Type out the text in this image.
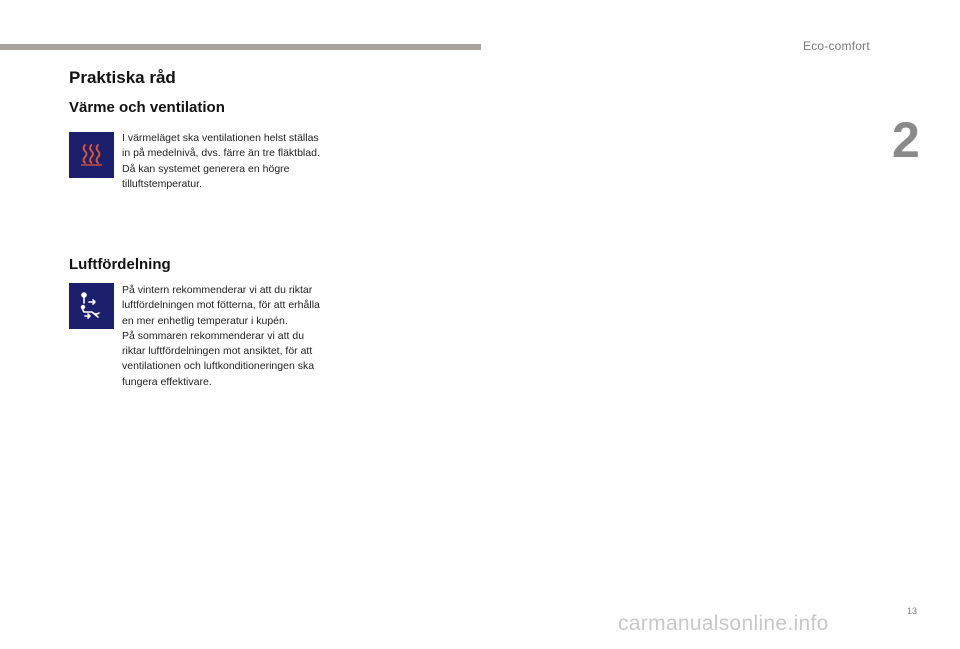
Eco-comfort
2
Praktiska råd
Värme och ventilation

I värmeläget ska ventilationen helst ställas in på medelnivå, dvs. färre än tre fläktblad. Då kan systemet generera en högre tilluftstemperatur.

Luftfördelning

På vintern rekommenderar vi att du riktar luftfördelningen mot fötterna, för att erhålla en mer enhetlig temperatur i kupén.

På sommaren rekommenderar vi att du riktar luftfördelningen mot ansiktet, för att ventilationen och luftkonditioneringen ska fungera effektivare.

13
carmanualsonline.info
